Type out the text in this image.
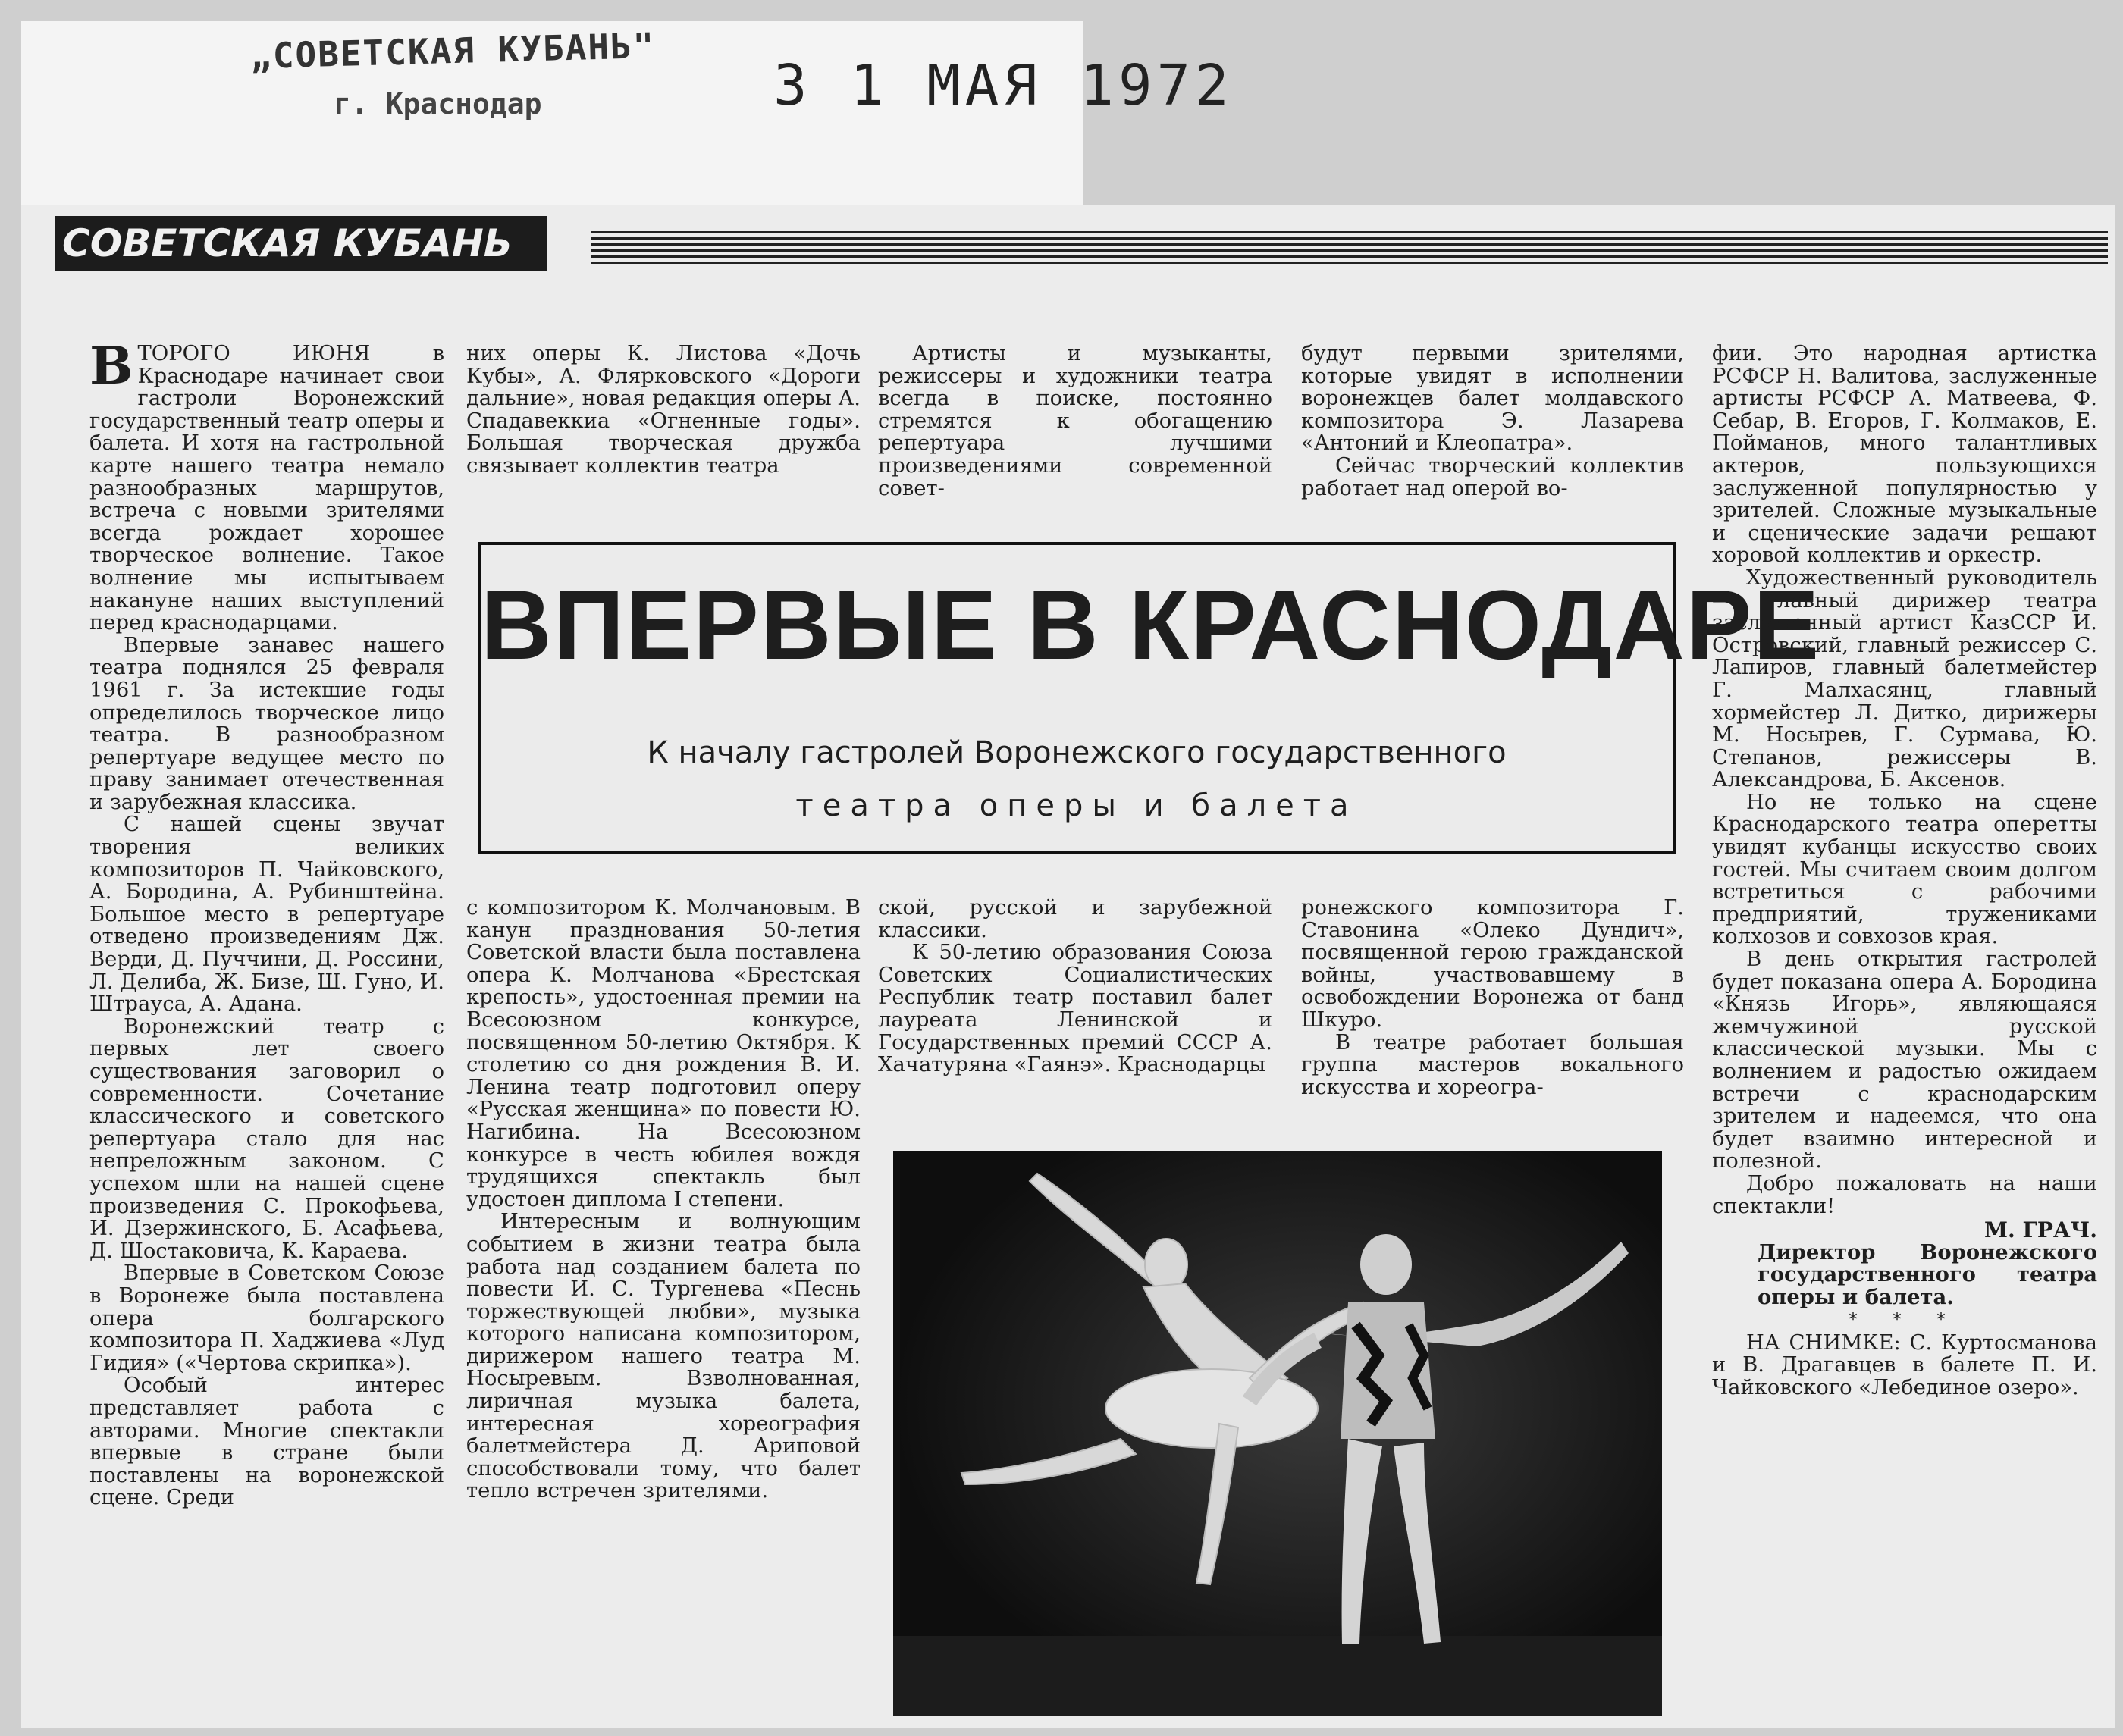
„СОВЕТСКАЯ КУБАНЬ"
г. Краснодар	3 1 МАЯ 1972
СОВЕТСКАЯ КУБАНЬ

ВТОРОГО ИЮНЯ в Краснодаре начинает свои гастроли Воронежский государственный театр оперы и балета. И хотя на гастрольной карте нашего театра немало разнообразных маршрутов, встреча с новыми зрителями всегда рождает хорошее творческое волнение. Такое волнение мы испытываем накануне наших выступлений перед краснодарцами.

Впервые занавес нашего театра поднялся 25 февраля 1961 г. За истекшие годы определилось творческое лицо театра. В разнообразном репертуаре ведущее место по праву занимает отечественная и зарубежная классика.

С нашей сцены звучат творения великих композиторов П. Чайковского, А. Бородина, А. Рубинштейна. Большое место в репертуаре отведено произведениям Дж. Верди, Д. Пуччини, Д. Россини, Л. Делиба, Ж. Бизе, Ш. Гуно, И. Штрауса, А. Адана.

Воронежский театр с первых лет своего существования заговорил о современности. Сочетание классического и советского репертуара стало для нас непреложным законом. С успехом шли на нашей сцене произведения С. Прокофьева, И. Дзержинского, Б. Асафьева, Д. Шостаковича, К. Караева.

Впервые в Советском Союзе в Воронеже была поставлена опера болгарского композитора П. Хаджиева «Луд Гидия» («Чертова скрипка»).

Особый интерес представляет работа с авторами. Многие спектакли впервые в стране были поставлены на воронежской сцене. Среди

них оперы К. Листова «Дочь Кубы», А. Флярковского «Дороги дальние», новая редакция оперы А. Спадавеккиа «Огненные годы». Большая творческая дружба связывает коллектив театра

Артисты и музыканты, режиссеры и художники театра всегда в поиске, постоянно стремятся к обогащению репертуара лучшими произведениями современной совет-

будут первыми зрителями, которые увидят в исполнении воронежцев балет молдавского композитора Э. Лазарева «Антоний и Клеопатра».

Сейчас творческий коллектив работает над оперой во-

ВПЕРВЫЕ В КРАСНОДАРЕ
К началу гастролей Воронежского государственного
театра оперы и балета

с композитором К. Молчановым. В канун празднования 50-летия Советской власти была поставлена опера К. Молчанова «Брестская крепость», удостоенная премии на Всесоюзном конкурсе, посвященном 50-летию Октября. К столетию со дня рождения В. И. Ленина театр подготовил оперу «Русская женщина» по повести Ю. Нагибина. На Всесоюзном конкурсе в честь юбилея вождя трудящихся спектакль был удостоен диплома I степени.

Интересным и волнующим событием в жизни театра была работа над созданием балета по повести И. С. Тургенева «Песнь торжествующей любви», музыка которого написана композитором, дирижером нашего театра М. Носыревым. Взволнованная, лиричная музыка балета, интересная хореография балетмейстера Д. Ариповой способствовали тому, что балет тепло встречен зрителями.

ской, русской и зарубежной классики.

К 50-летию образования Союза Советских Социалистических Республик театр поставил балет лауреата Ленинской и Государственных премий СССР А. Хачатуряна «Гаянэ». Краснодарцы

ронежского композитора Г. Ставонина «Олеко Дундич», посвященной герою гражданской войны, участвовавшему в освобождении Воронежа от банд Шкуро.

В театре работает большая группа мастеров вокального искусства и хореогра-

фии. Это народная артистка РСФСР Н. Валитова, заслуженные артисты РСФСР А. Матвеева, Ф. Себар, В. Егоров, Г. Колмаков, Е. Пойманов, много талантливых актеров, пользующихся заслуженной популярностью у зрителей. Сложные музыкальные и сценические задачи решают хоровой коллектив и оркестр.

Художественный руководитель — главный дирижер театра заслуженный артист КазССР И. Островский, главный режиссер С. Лапиров, главный балетмейстер Г. Малхасянц, главный хормейстер Л. Дитко, дирижеры М. Носырев, Г. Сурмава, Ю. Степанов, режиссеры В. Александрова, Б. Аксенов.

Но не только на сцене Краснодарского театра оперетты увидят кубанцы искусство своих гостей. Мы считаем своим долгом встретиться с рабочими предприятий, тружениками колхозов и совхозов края.

В день открытия гастролей будет показана опера А. Бородина «Князь Игорь», являющаяся жемчужиной русской классической музыки. Мы с волнением и радостью ожидаем встречи с краснодарским зрителем и надеемся, что она будет взаимно интересной и полезной.

Добро пожаловать на наши спектакли!

М. ГРАЧ.
Директор Воронежского государственного театра оперы и балета.
* * *

НА СНИМКЕ: С. Куртосманова и В. Драгавцев в балете П. И. Чайковского «Лебединое озеро».
